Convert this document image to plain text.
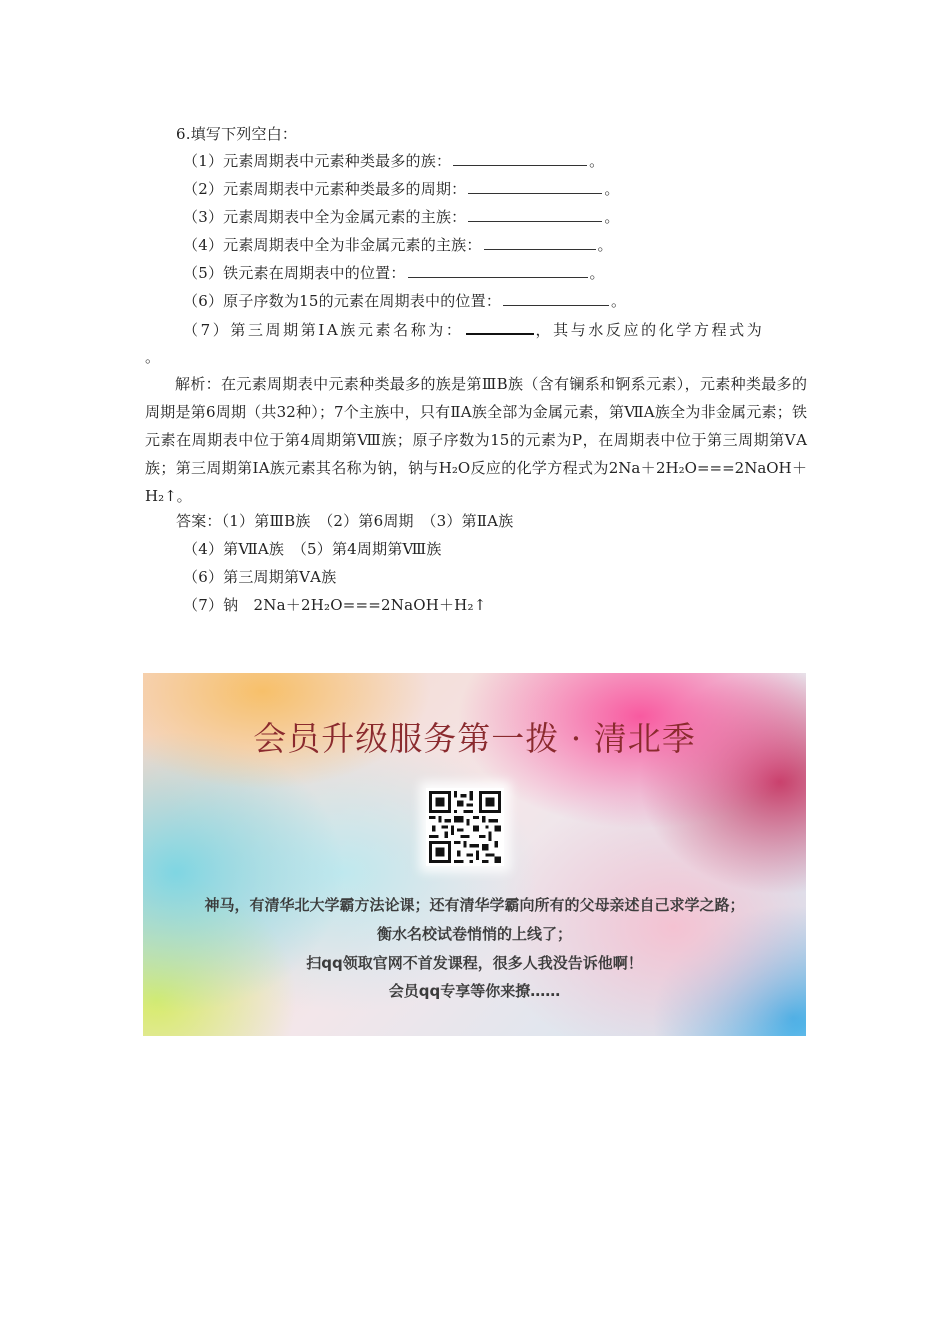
6.填写下列空白：
（1）元素周期表中元素种类最多的族：	。
（2）元素周期表中元素种类最多的周期：	。
（3）元素周期表中全为金属元素的主族：	。
（4）元素周期表中全为非金属元素的主族：	。
（5）铁元素在周期表中的位置：	。
（6）原子序数为15的元素在周期表中的位置：	。
（7）第三周期第ⅠA族元素名称为：	，其与水反应的化学方程式为
。
解析：在元素周期表中元素种类最多的族是第ⅢB族（含有镧系和锕系元素），元素种类最多的周期是第6周期（共32种）；7个主族中，只有ⅡA族全部为金属元素，第ⅦA族全为非金属元素；铁元素在周期表中位于第4周期第Ⅷ族；原子序数为15的元素为P，在周期表中位于第三周期第ⅤA族；第三周期第ⅠA族元素其名称为钠，钠与H₂O反应的化学方程式为2Na＋2H₂O===2NaOH＋H₂↑。
答案：（1）第ⅢB族　（2）第6周期　（3）第ⅡA族
（4）第ⅦA族　（5）第4周期第Ⅷ族
（6）第三周期第ⅤA族
（7）钠　2Na＋2H₂O===2NaOH＋H₂↑
会员升级服务第一拨 · 清北季
神马，有清华北大学霸方法论课；还有清华学霸向所有的父母亲述自己求学之路；
衡水名校试卷悄悄的上线了；
扫qq领取官网不首发课程，很多人我没告诉他啊！
会员qq专享等你来撩……
